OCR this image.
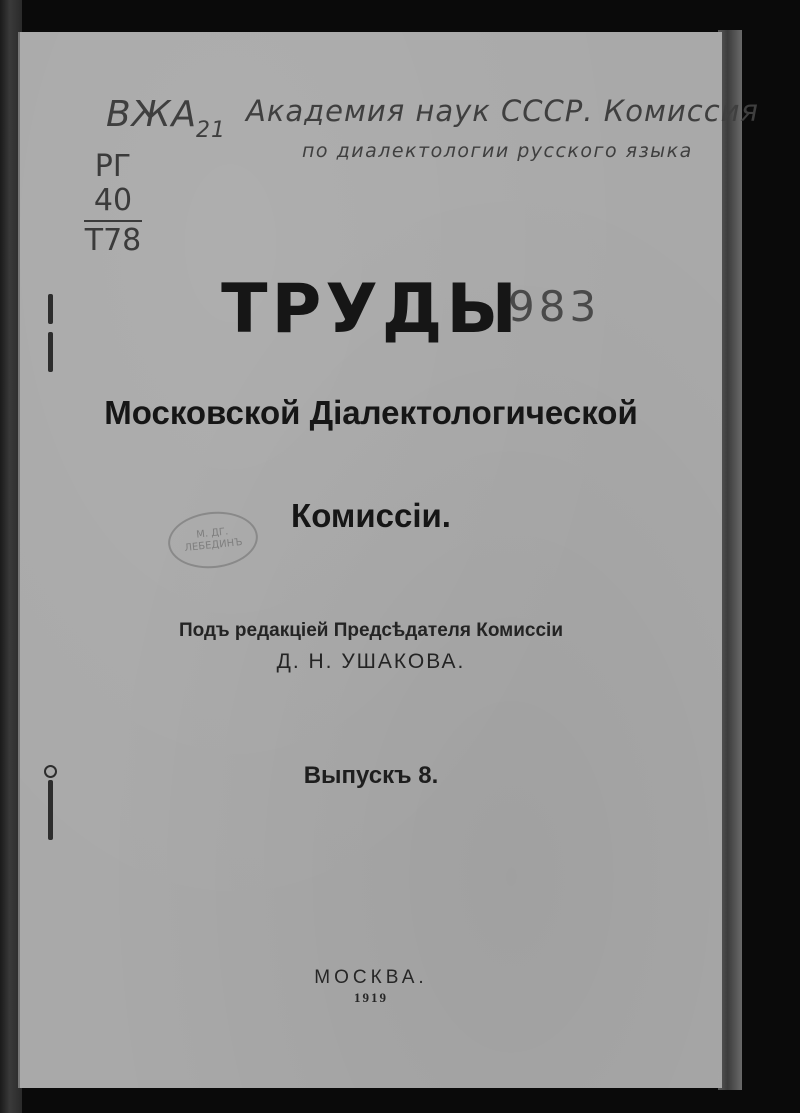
ВЖА
21
Академия наук СССР. Комиссия
по диалектологии русского языка
РГ
40
Т78
983
М. ДГ.
ЛЕБЕДИНЪ
ТРУДЫ
Московской Діалектологической
Комиссіи.
Подъ редакціей Предсѣдателя Комиссіи
Д. Н. УШАКОВА.
Выпускъ 8.
МОСКВА.
1919
